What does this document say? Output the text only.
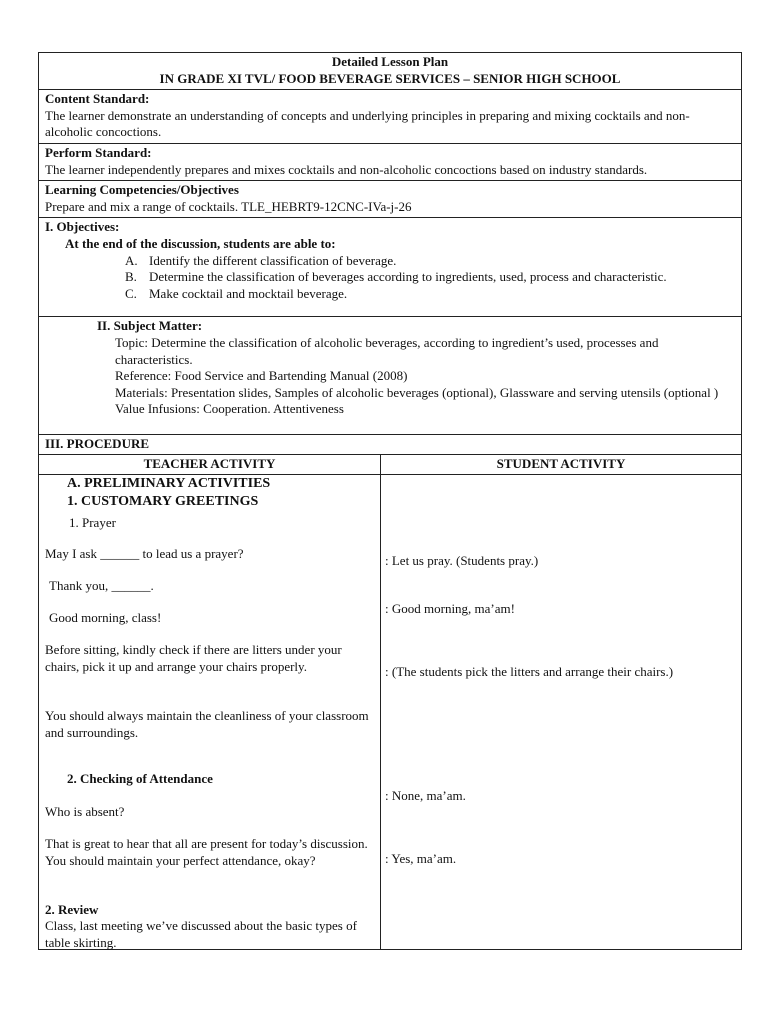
Detailed Lesson Plan
IN GRADE XI TVL/ FOOD BEVERAGE SERVICES – SENIOR HIGH SCHOOL
Content Standard:
The learner demonstrate an understanding of concepts and underlying principles in preparing and mixing cocktails and non-alcoholic concoctions.
Perform Standard:
The learner independently prepares and mixes cocktails and non-alcoholic concoctions based on industry standards.
Learning Competencies/Objectives
Prepare and mix a range of cocktails. TLE_HEBRT9-12CNC-IVa-j-26
I. Objectives:
At the end of the discussion, students are able to:
A. Identify the different classification of beverage.
B. Determine the classification of beverages according to ingredients, used, process and characteristic.
C. Make cocktail and mocktail beverage.
II. Subject Matter:
Topic: Determine the classification of alcoholic beverages, according to ingredient’s used, processes and characteristics.
Reference: Food Service and Bartending Manual (2008)
Materials: Presentation slides, Samples of alcoholic beverages (optional), Glassware and serving utensils (optional )
Value Infusions: Cooperation. Attentiveness
III. PROCEDURE
TEACHER ACTIVITY	STUDENT ACTIVITY
A. PRELIMINARY ACTIVITIES
1. CUSTOMARY GREETINGS
1. Prayer
May I ask ______ to lead us a prayer?
Thank you, ______.
Good morning, class!
Before sitting, kindly check if there are litters under your chairs, pick it up and arrange your chairs properly.
You should always maintain the cleanliness of your classroom and surroundings.
2. Checking of Attendance
Who is absent?
That is great to hear that all are present for today’s discussion. You should maintain your perfect attendance, okay?
2. Review
Class, last meeting we’ve discussed about the basic types of table skirting.
: Let us pray. (Students pray.)
: Good morning, ma’am!
: (The students pick the litters and arrange their chairs.)
: None, ma’am.
: Yes, ma’am.
